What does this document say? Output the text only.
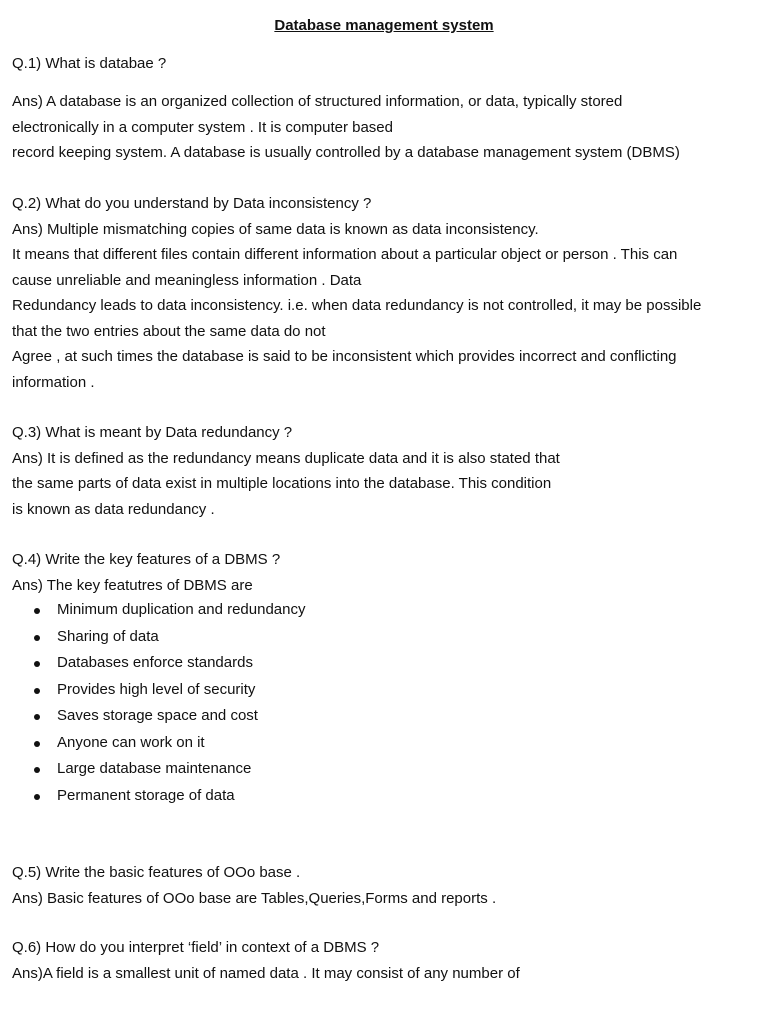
Database management system
Q.1) What is databae ?
Ans) A database is an organized collection of structured information, or data, typically stored
electronically in a computer system . It is computer based
record keeping system. A database is usually controlled by a database management system (DBMS)
Q.2) What do you understand by Data inconsistency ?
Ans) Multiple mismatching copies of same data is known as data inconsistency.
It means that different files contain different information about a particular object or person . This can
cause unreliable and meaningless information . Data
Redundancy leads to data inconsistency. i.e. when data redundancy is not controlled, it may be possible
that the two entries about the same data do not
Agree , at such times the database is said to be inconsistent which provides incorrect and conflicting
information .
Q.3) What is meant by Data redundancy ?
Ans) It is defined as the redundancy means duplicate data and it is also stated that
the same parts of data exist in multiple locations into the database. This condition
is known as data redundancy .
Q.4) Write the key features of a DBMS ?
Ans) The key featutres of DBMS are
Minimum duplication and redundancy
Sharing of data
Databases enforce standards
Provides high level of security
Saves storage space and cost
Anyone can work on it
Large database maintenance
Permanent storage of data
Q.5) Write the basic features of OOo base .
Ans) Basic features of OOo base are Tables,Queries,Forms and reports .
Q.6) How do you interpret ‘field’ in context of a DBMS ?
Ans)A field is a smallest unit of named data . It may consist of any number of
